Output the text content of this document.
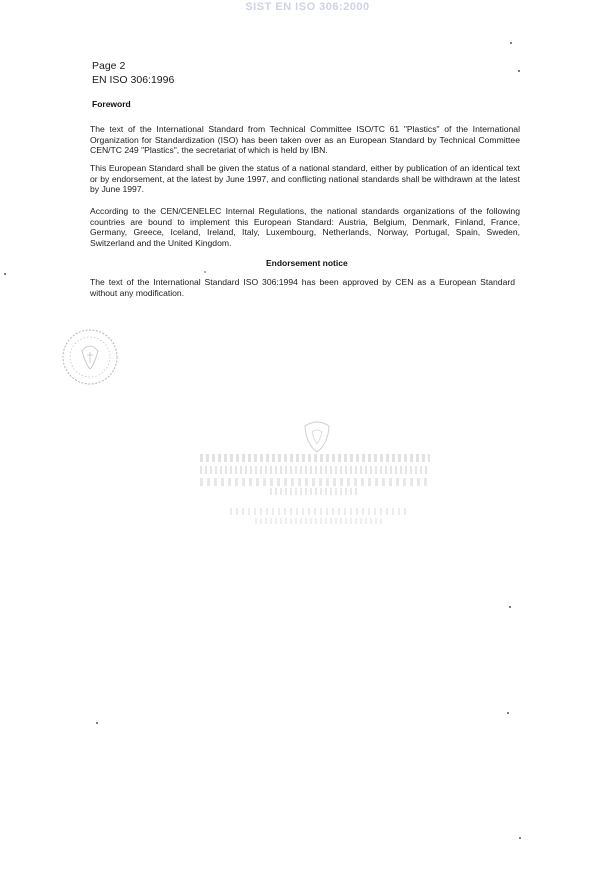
SIST EN ISO 306:2000
Page 2
EN ISO 306:1996
Foreword
The text of the International Standard from Technical Committee ISO/TC 61 "Plastics" of the International Organization for Standardization (ISO) has been taken over as an European Standard by Technical Committee CEN/TC 249 "Plastics", the secretariat of which is held by IBN.
This European Standard shall be given the status of a national standard, either by publication of an identical text or by endorsement, at the latest by June 1997, and conflicting national standards shall be withdrawn at the latest by June 1997.
According to the CEN/CENELEC Internal Regulations, the national standards organizations of the following countries are bound to implement this European Standard: Austria, Belgium, Denmark, Finland, France, Germany, Greece, Iceland, Ireland, Italy, Luxembourg, Netherlands, Norway, Portugal, Spain, Sweden, Switzerland and the United Kingdom.
Endorsement notice
The text of the International Standard ISO 306:1994 has been approved by CEN as a European Standard without any modification.
